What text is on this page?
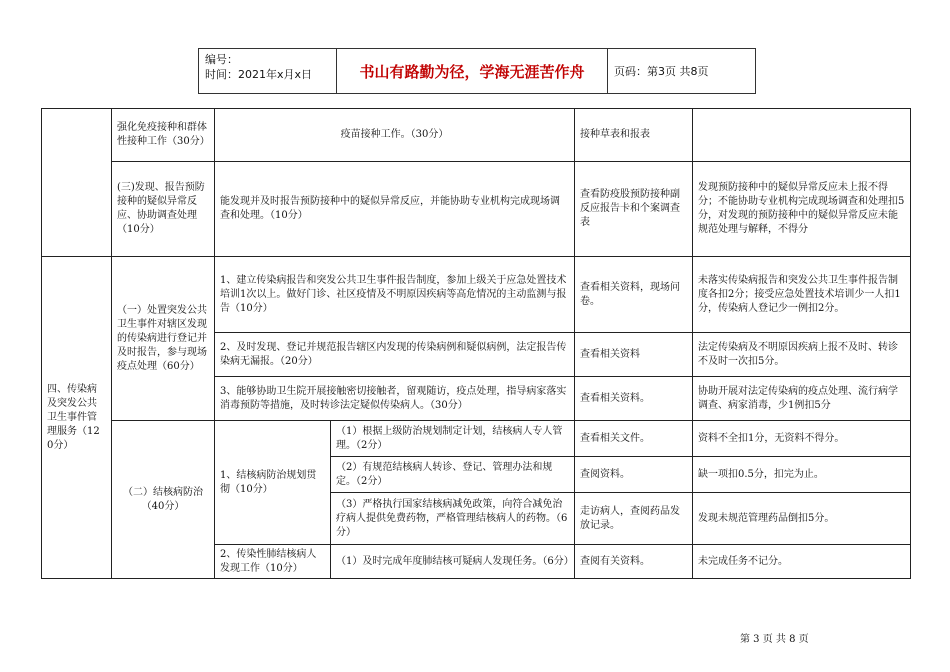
编号：
时间：2021年x月x日	书山有路勤为径，学海无涯苦作舟	页码：第3页 共8页
	强化免疫接种和群体性接种工作（30分）	疫苗接种工作。（30分）		接种草表和报表	
	(三)发现、报告预防接种的疑似异常反应、协助调查处理（10分）	能发现并及时报告预防接种中的疑似异常反应，并能协助专业机构完成现场调查和处理。（10分）		查看防疫股预防接种副反应报告卡和个案调查表	发现预防接种中的疑似异常反应未上报不得分；不能协助专业机构完成现场调查和处理扣5分，对发现的预防接种中的疑似异常反应未能规范处理与解释，不得分
四、传染病及突发公共卫生事件管理服务（120分）	（一）处置突发公共卫生事件对辖区发现的传染病进行登记并及时报告，参与现场疫点处理（60分）	1、建立传染病报告和突发公共卫生事件报告制度，参加上级关于应急处置技术培训1次以上。做好门诊、社区疫情及不明原因疾病等高危情况的主动监测与报告（10分）		查看相关资料，现场问卷。	未落实传染病报告和突发公共卫生事件报告制度各扣2分；接受应急处置技术培训少一人扣1分，传染病人登记少一例扣2分。
		2、及时发现、登记并规范报告辖区内发现的传染病例和疑似病例，法定报告传染病无漏报。（20分）		查看相关资料	法定传染病及不明原因疾病上报不及时、转诊不及时一次扣5分。
		3、能够协助卫生院开展接触密切接触者，留观随访，疫点处理，指导病家落实消毒预防等措施，及时转诊法定疑似传染病人。（30分）		查看相关资料。	协助开展对法定传染病的疫点处理、流行病学调查、病家消毒，少1例扣5分
	（二）结核病防治（40分）	1、结核病防治规划贯彻（10分）	（1）根据上级防治规划制定计划，结核病人专人管理。（2分）	查看相关文件。	资料不全扣1分，无资料不得分。
			（2）有规范结核病人转诊、登记、管理办法和规定。（2分）	查阅资料。	缺一项扣0.5分，扣完为止。
			（3）严格执行国家结核病减免政策，向符合减免治疗病人提供免费药物，严格管理结核病人的药物。（6分）	走访病人，查阅药品发放记录。	发现未规范管理药品倒扣5分。
		2、传染性肺结核病人发现工作（10分）	（1）及时完成年度肺结核可疑病人发现任务。（6分）	查阅有关资料。	未完成任务不记分。
第 3 页 共 8 页
